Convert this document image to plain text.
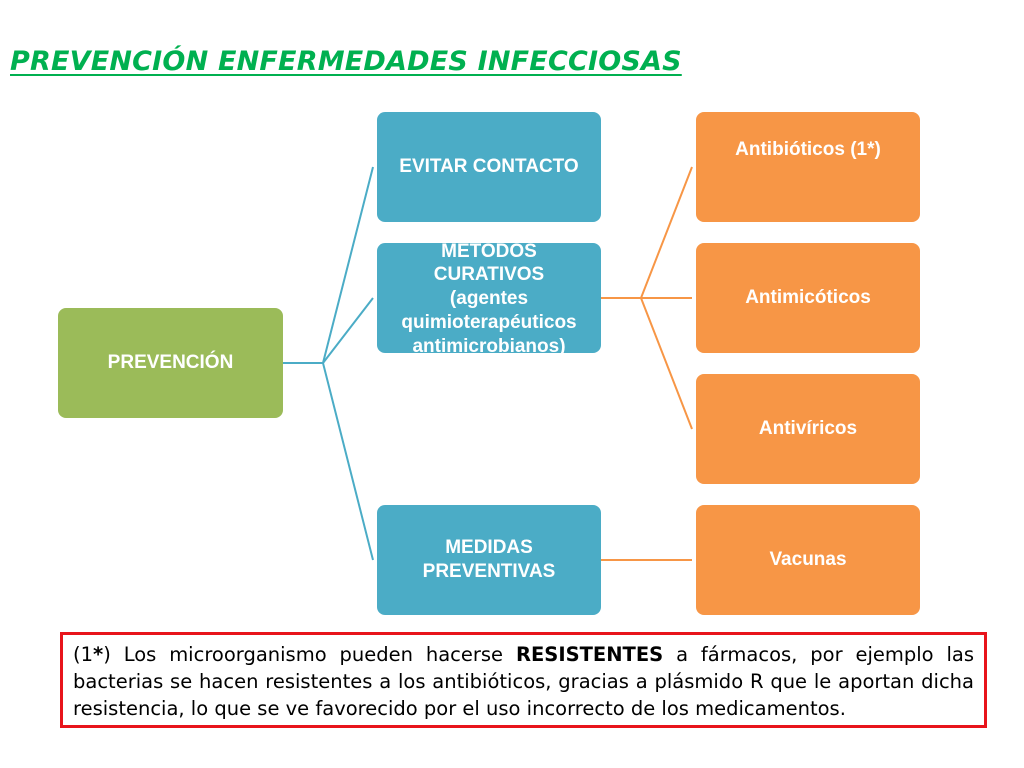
PREVENCIÓN ENFERMEDADES INFECCIOSAS
PREVENCIÓN
EVITAR CONTACTO
MÉTODOS CURATIVOS
(agentes
quimioterapéuticos
antimicrobianos)
MEDIDAS
PREVENTIVAS
Antibióticos (1*)
Antimicóticos
Antivíricos
Vacunas
(1*) Los microorganismo pueden hacerse RESISTENTES a fármacos, por ejemplo las bacterias se hacen resistentes a los antibióticos, gracias a plásmido R que le aportan dicha resistencia, lo que se ve favorecido por el uso incorrecto de los medicamentos.
